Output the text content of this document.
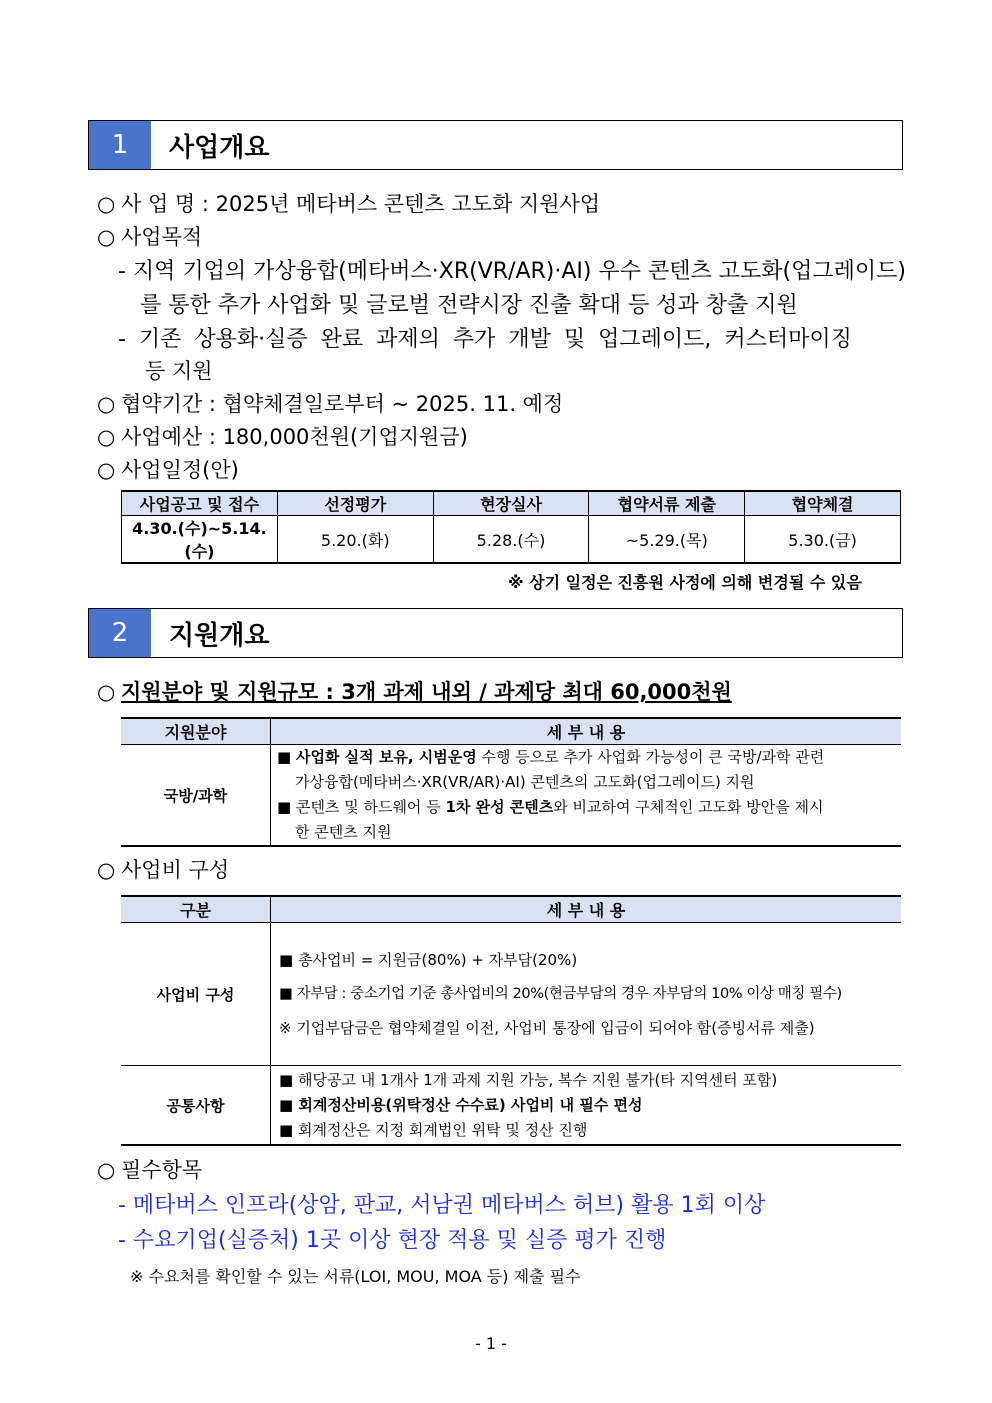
1	사업개요
○ 사 업 명 : 2025년 메타버스 콘텐츠 고도화 지원사업
○ 사업목적
- 지역 기업의 가상융합(메타버스·XR(VR/AR)·AI) 우수 콘텐츠 고도화(업그레이드)
를 통한 추가 사업화 및 글로벌 전략시장 진출 확대 등 성과 창출 지원
- 기존 상용화·실증 완료 과제의 추가 개발 및 업그레이드, 커스터마이징
등 지원
○ 협약기간 : 협약체결일로부터 ~ 2025. 11. 예정
○ 사업예산 : 180,000천원(기업지원금)
○ 사업일정(안)
사업공고 및 접수	선정평가	현장실사	협약서류 제출	협약체결
4.30.(수)~5.14.(수)	5.20.(화)	5.28.(수)	~5.29.(목)	5.30.(금)
※ 상기 일정은 진흥원 사정에 의해 변경될 수 있음
2	지원개요
○ 지원분야 및 지원규모 : 3개 과제 내외 / 과제당 최대 60,000천원
지원분야	세 부 내 용
국방/과학	■ 사업화 실적 보유, 시범운영 수행 등으로 추가 사업화 가능성이 큰 국방/과학 관련
가상융합(메타버스·XR(VR/AR)·AI) 콘텐츠의 고도화(업그레이드) 지원
■ 콘텐츠 및 하드웨어 등 1차 완성 콘텐츠와 비교하여 구체적인 고도화 방안을 제시
한 콘텐츠 지원
○ 사업비 구성
구분	세 부 내 용
사업비 구성	■ 총사업비 = 지원금(80%) + 자부담(20%)
■ 자부담 : 중소기업 기준 총사업비의 20%(현금부담의 경우 자부담의 10% 이상 매칭 필수)
※ 기업부담금은 협약체결일 이전, 사업비 통장에 입금이 되어야 함(증빙서류 제출)

공통사항	■ 해당공고 내 1개사 1개 과제 지원 가능, 복수 지원 불가(타 지역센터 포함)
■ 회계정산비용(위탁정산 수수료) 사업비 내 필수 편성
■ 회계정산은 지정 회계법인 위탁 및 정산 진행
○ 필수항목
- 메타버스 인프라(상암, 판교, 서남권 메타버스 허브) 활용 1회 이상
- 수요기업(실증처) 1곳 이상 현장 적용 및 실증 평가 진행
※ 수요처를 확인할 수 있는 서류(LOI, MOU, MOA 등) 제출 필수
- 1 -
